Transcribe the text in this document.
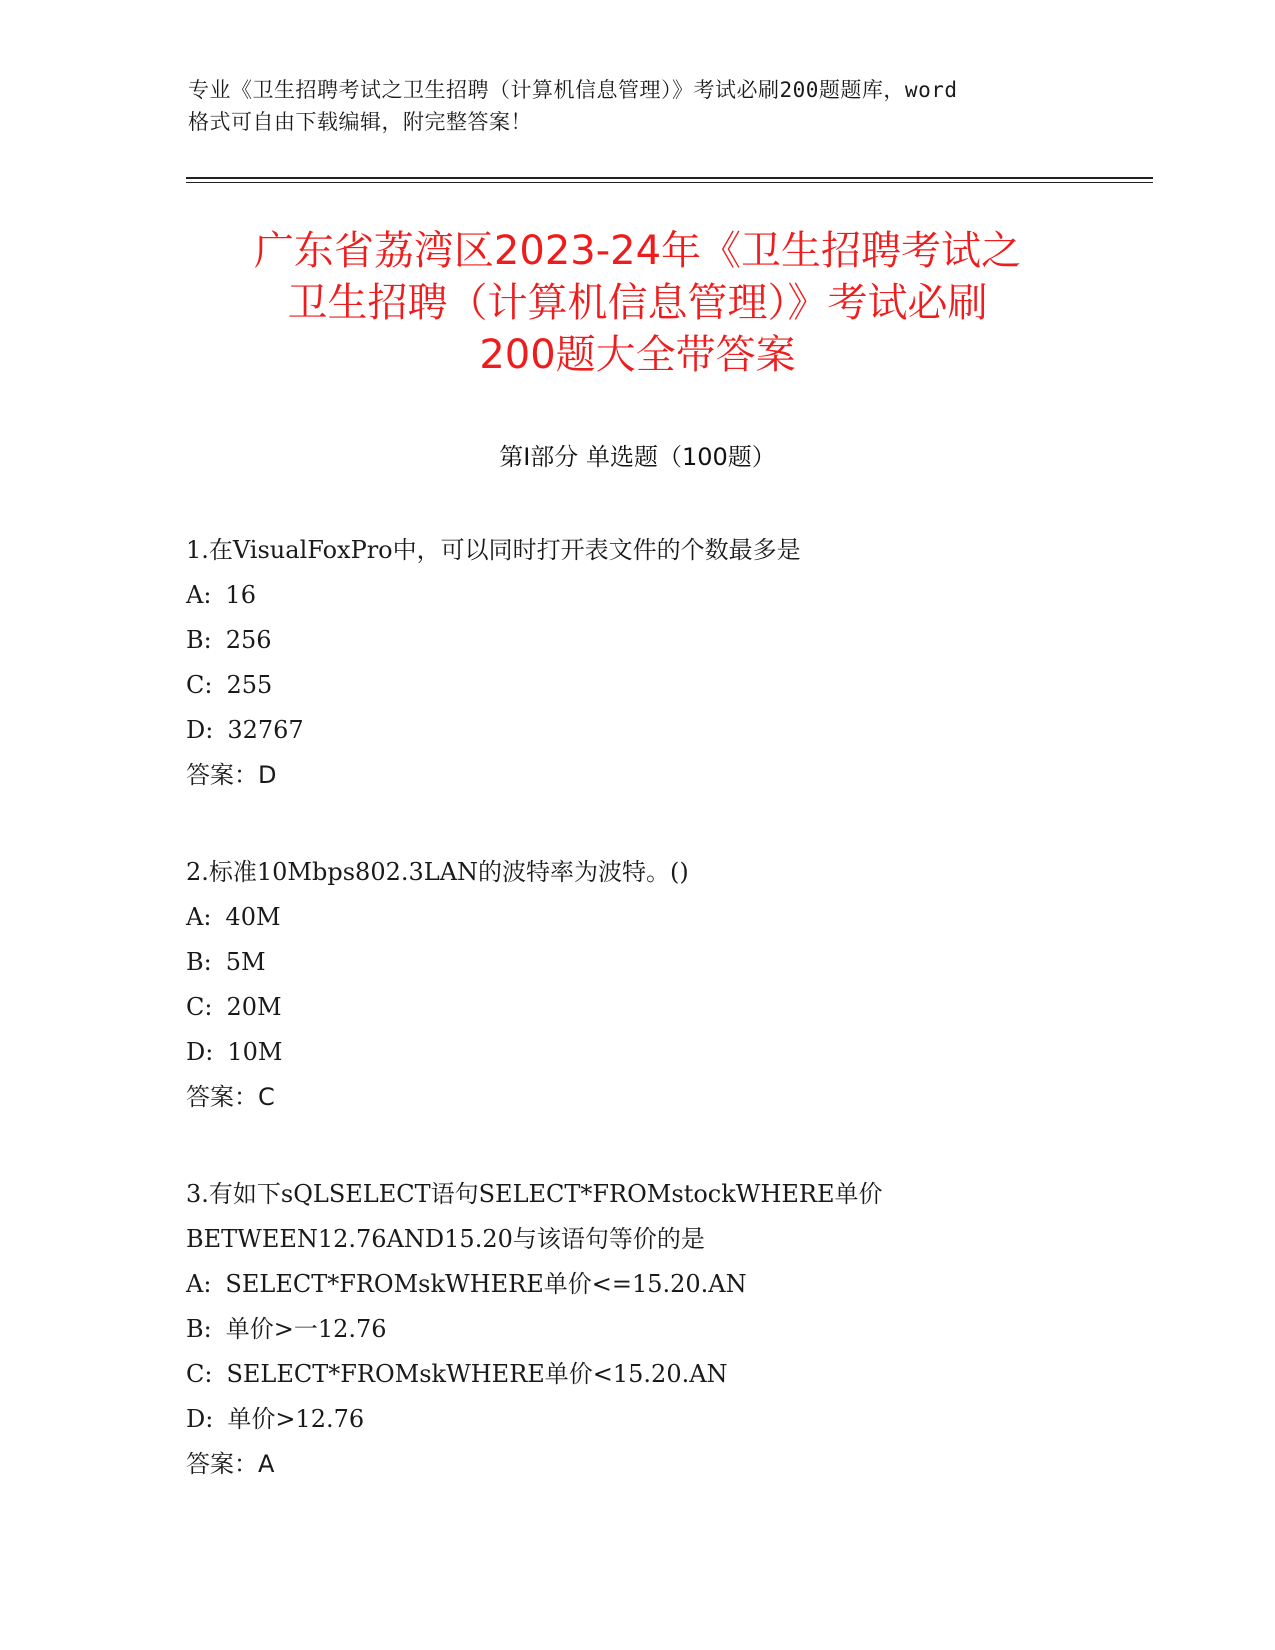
专业《卫生招聘考试之卫生招聘（计算机信息管理）》考试必刷200题题库，word
格式可自由下载编辑，附完整答案！
广东省荔湾区2023-24年《卫生招聘考试之
卫生招聘（计算机信息管理）》考试必刷
200题大全带答案
第Ⅰ部分 单选题（100题）
1.在VisualFoxPro中，可以同时打开表文件的个数最多是
A: 16
B: 256
C: 255
D: 32767
答案：D
2.标准10Mbps802.3LAN的波特率为波特。()
A: 40M
B: 5M
C: 20M
D: 10M
答案：C
3.有如下sQLSELECT语句SELECT*FROMstockWHERE单价
BETWEEN12.76AND15.20与该语句等价的是
A: SELECT*FROMskWHERE单价<=15.20.AN
B: 单价>一12.76
C: SELECT*FROMskWHERE单价<15.20.AN
D: 单价>12.76
答案：A
